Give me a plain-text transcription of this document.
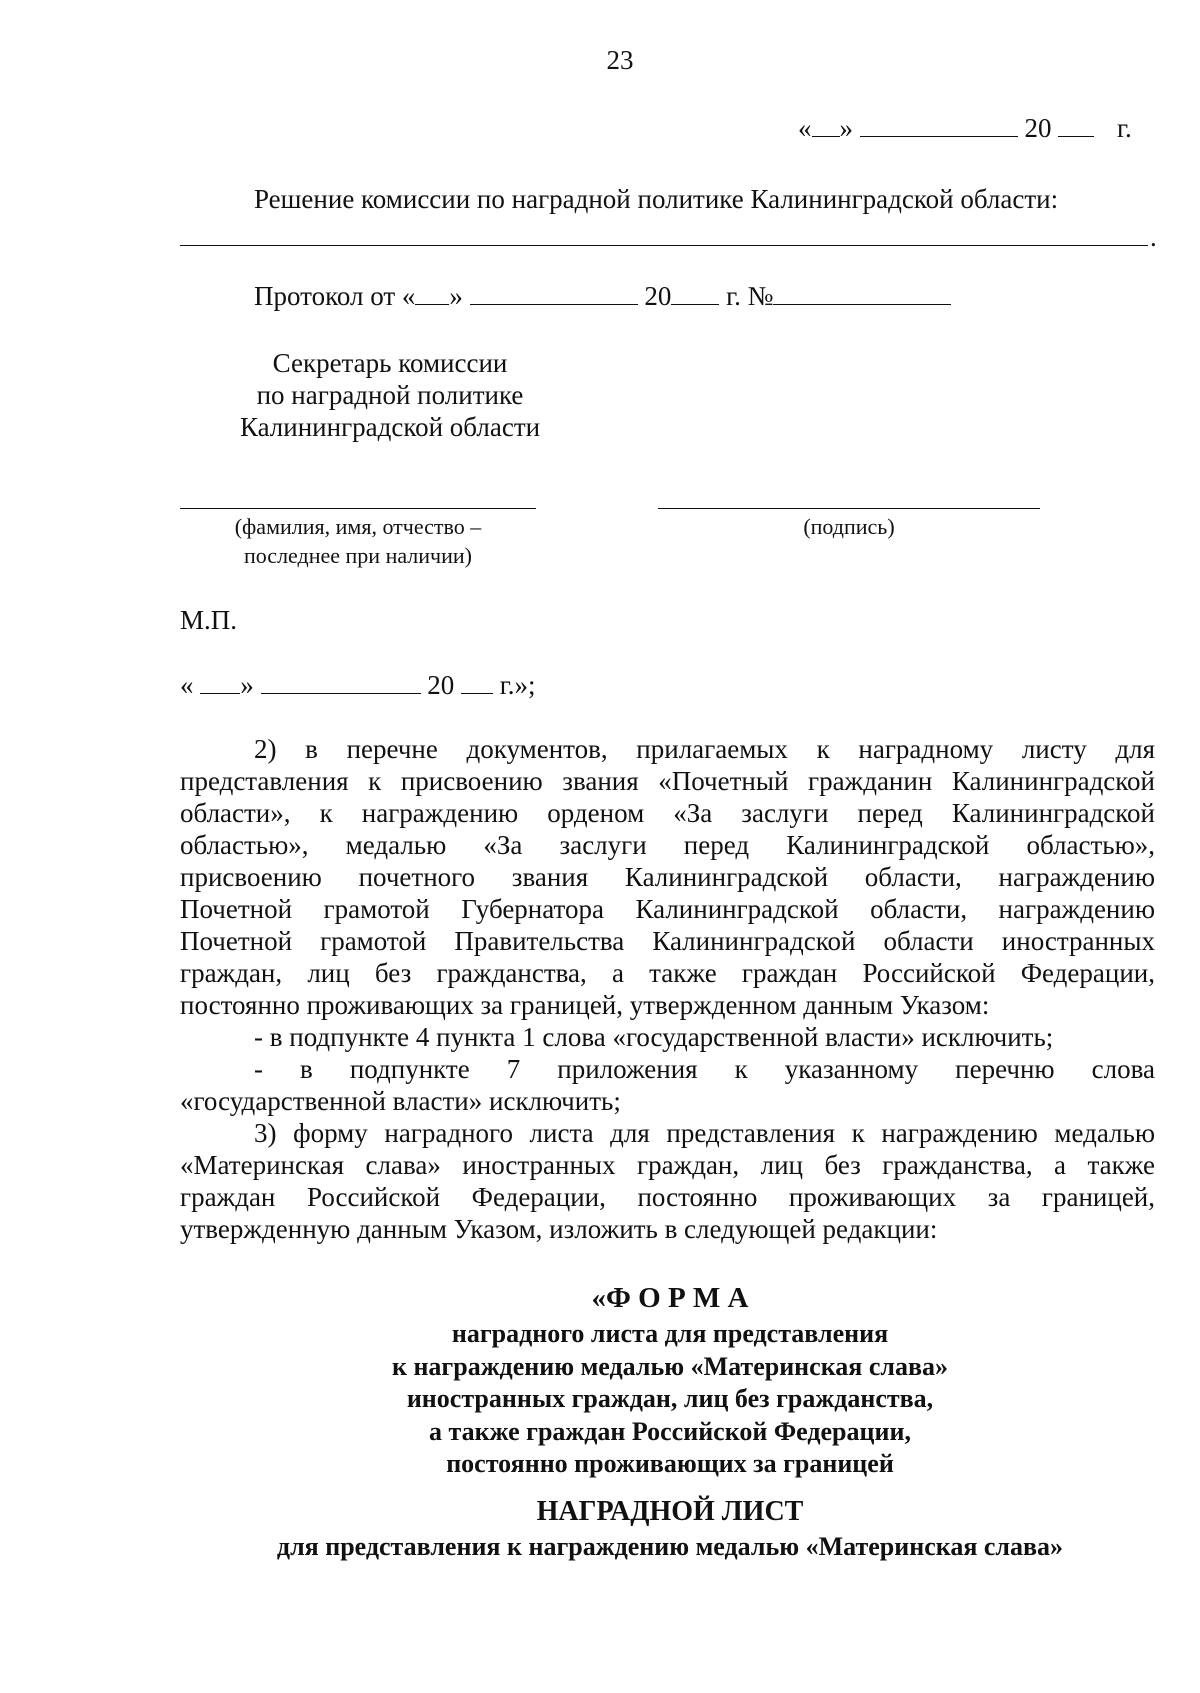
23
« »	20 г.
Решение комиссии по наградной политике Калининградской области:
.
Протокол от « »	20 г. №
Секретарь комиссии
по наградной политике
Калининградской области
(фамилия, имя, отчество –
последнее при наличии)
(подпись)
М.П.
« »	20 г.»;
2) в перечне документов, прилагаемых к наградному листу для
представления к присвоению звания «Почетный гражданин Калининградской
области», к награждению орденом «За заслуги перед Калининградской
областью», медалью «За заслуги перед Калининградской областью»,
присвоению почетного звания Калининградской области, награждению
Почетной грамотой Губернатора Калининградской области, награждению
Почетной грамотой Правительства Калининградской области иностранных
граждан, лиц без гражданства, а также граждан Российской Федерации,
постоянно проживающих за границей, утвержденном данным Указом:
- в подпункте 4 пункта 1 слова «государственной власти» исключить;
- в подпункте 7 приложения к указанному перечню слова
«государственной власти» исключить;
3) форму наградного листа для представления к награждению медалью
«Материнская слава» иностранных граждан, лиц без гражданства, а также
граждан Российской Федерации, постоянно проживающих за границей,
утвержденную данным Указом, изложить в следующей редакции:
«Ф О Р М А
наградного листа для представления
к награждению медалью «Материнская слава»
иностранных граждан, лиц без гражданства,
а также граждан Российской Федерации,
постоянно проживающих за границей
НАГРАДНОЙ ЛИСТ
для представления к награждению медалью «Материнская слава»
